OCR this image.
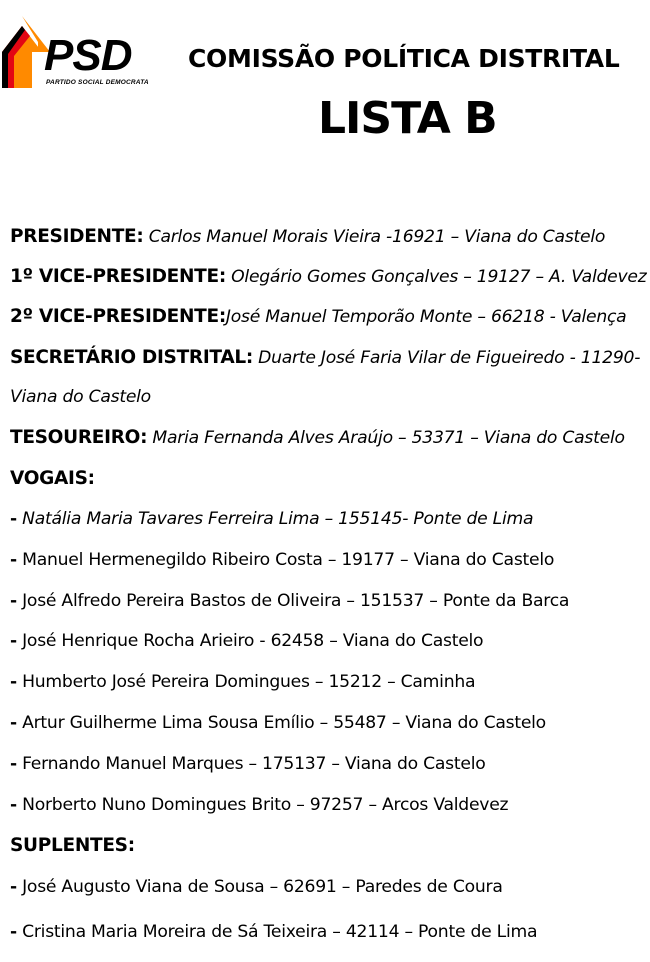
PSD
PARTIDO SOCIAL DEMOCRATA
COMISSÃO POLÍTICA DISTRITAL
LISTA B
PRESIDENTE: Carlos Manuel Morais Vieira -16921 – Viana do Castelo
1º VICE-PRESIDENTE: Olegário Gomes Gonçalves – 19127 – A. Valdevez
2º VICE-PRESIDENTE:José Manuel Temporão Monte – 66218 - Valença
SECRETÁRIO DISTRITAL: Duarte José Faria Vilar de Figueiredo - 11290-
Viana do Castelo
TESOUREIRO: Maria Fernanda Alves Araújo – 53371 – Viana do Castelo
VOGAIS:
- Natália Maria Tavares Ferreira Lima – 155145- Ponte de Lima
- Manuel Hermenegildo Ribeiro Costa – 19177 – Viana do Castelo
- José Alfredo Pereira Bastos de Oliveira – 151537 – Ponte da Barca
- José Henrique Rocha Arieiro - 62458 – Viana do Castelo
- Humberto José Pereira Domingues – 15212 – Caminha
- Artur Guilherme Lima Sousa Emílio – 55487 – Viana do Castelo
- Fernando Manuel Marques – 175137 – Viana do Castelo
- Norberto Nuno Domingues Brito – 97257 – Arcos Valdevez
SUPLENTES:
- José Augusto Viana de Sousa – 62691 – Paredes de Coura
- Cristina Maria Moreira de Sá Teixeira – 42114 – Ponte de Lima
